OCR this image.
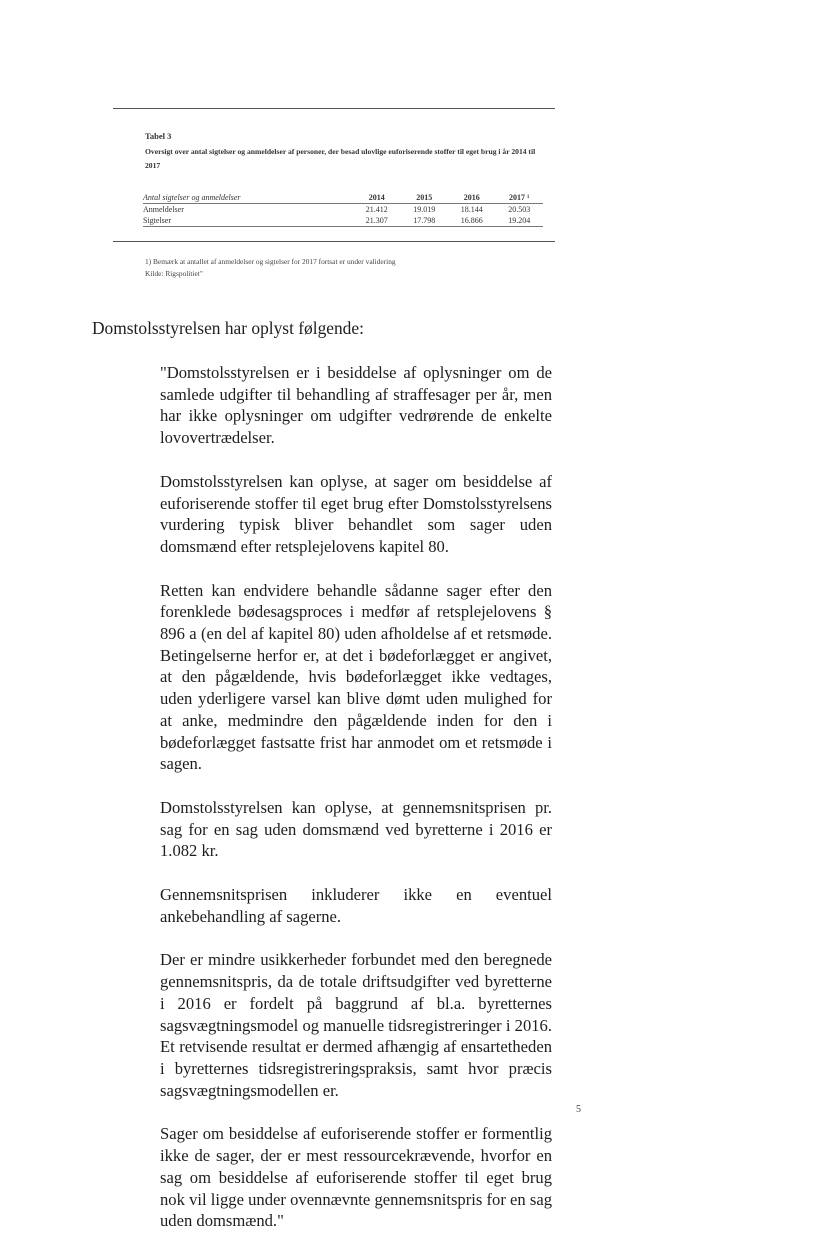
Tabel 3
Oversigt over antal sigtelser og anmeldelser af personer, der besad ulovlige euforiserende stoffer til eget brug i år 2014 til 2017
Antal sigtelser og anmeldelser	2014	2015	2016	2017 ¹
Anmeldelser	21.412	19.019	18.144	20.503
Sigtelser	21.307	17.798	16.866	19.204
1) Bemærk at antallet af anmeldelser og sigtelser for 2017 fortsat er under validering
Kilde: Rigspolitiet"

Domstolsstyrelsen har oplyst følgende:

"Domstolsstyrelsen er i besiddelse af oplysninger om de samlede udgifter til behandling af straffesager per år, men har ikke oplysninger om udgifter vedrørende de enkelte lovovertrædelser.

Domstolsstyrelsen kan oplyse, at sager om besiddelse af euforiserende stoffer til eget brug efter Domstolsstyrelsens vurdering typisk bliver behandlet som sager uden domsmænd efter retsplejelovens kapitel 80.

Retten kan endvidere behandle sådanne sager efter den forenklede bødesagsproces i medfør af retsplejelovens § 896 a (en del af kapitel 80) uden afholdelse af et retsmøde. Betingelserne herfor er, at det i bødeforlægget er angivet, at den pågældende, hvis bødeforlægget ikke vedtages, uden yderligere varsel kan blive dømt uden mulighed for at anke, medmindre den pågældende inden for den i bødeforlægget fastsatte frist har anmodet om et retsmøde i sagen.

Domstolsstyrelsen kan oplyse, at gennemsnitsprisen pr. sag for en sag uden domsmænd ved byretterne i 2016 er 1.082 kr.

Gennemsnitsprisen inkluderer ikke en eventuel ankebehandling af sagerne.

Der er mindre usikkerheder forbundet med den beregnede gennemsnitspris, da de totale driftsudgifter ved byretterne i 2016 er fordelt på baggrund af bl.a. byretternes sagsvægtningsmodel og manuelle tidsregistreringer i 2016. Et retvisende resultat er dermed afhængig af ensartetheden i byretternes tidsregistreringspraksis, samt hvor præcis sagsvægtningsmodellen er.

Sager om besiddelse af euforiserende stoffer er formentlig ikke de sager, der er mest ressourcekrævende, hvorfor en sag om besiddelse af euforiserende stoffer til eget brug nok vil ligge under ovennævnte gennemsnitspris for en sag uden domsmænd."

5
